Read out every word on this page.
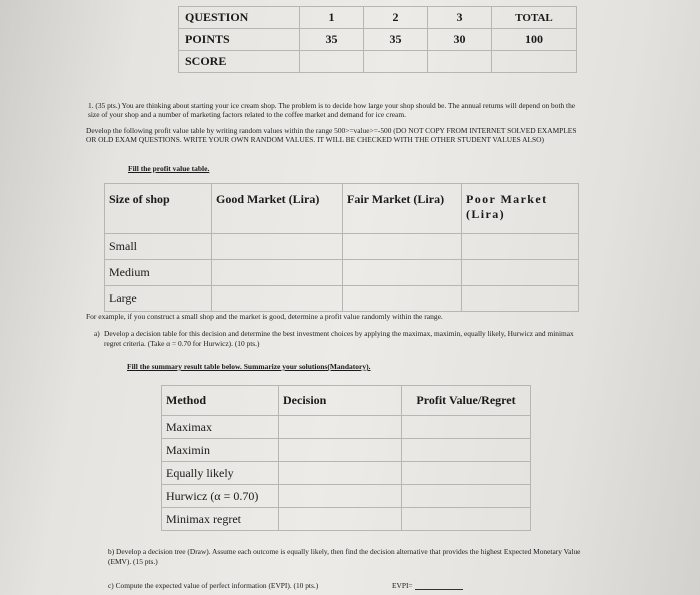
QUESTION	1	2	3	TOTAL
POINTS	35	35	30	100
SCORE				
1. (35 pts.) You are thinking about starting your ice cream shop. The problem is to decide how large your shop should be. The annual returns will depend on both the size of your shop and a number of marketing factors related to the coffee market and demand for ice cream.
Develop the following profit value table by writing random values within the range 500>=value>=-500 (DO NOT COPY FROM INTERNET SOLVED EXAMPLES OR OLD EXAM QUESTIONS. WRITE YOUR OWN RANDOM VALUES. IT WILL BE CHECKED WITH THE OTHER STUDENT VALUES ALSO)
Fill the profit value table.
Size of shop	Good Market (Lira)	Fair Market (Lira)	Poor Market (Lira)
Small			
Medium			
Large			
For example, if you construct a small shop and the market is good, determine a profit value randomly within the range.
a) Develop a decision table for this decision and determine the best investment choices by applying the maximax, maximin, equally likely, Hurwicz and minimax regret criteria. (Take α = 0.70 for Hurwicz). (10 pts.)
Fill the summary result table below. Summarize your solutions(Mandatory).
Method	Decision	Profit Value/Regret
Maximax		
Maximin		
Equally likely		
Hurwicz (α = 0.70)		
Minimax regret		
b) Develop a decision tree (Draw). Assume each outcome is equally likely, then find the decision alternative that provides the highest Expected Monetary Value (EMV). (15 pts.)
c) Compute the expected value of perfect information (EVPI). (10 pts.)	EVPI=
